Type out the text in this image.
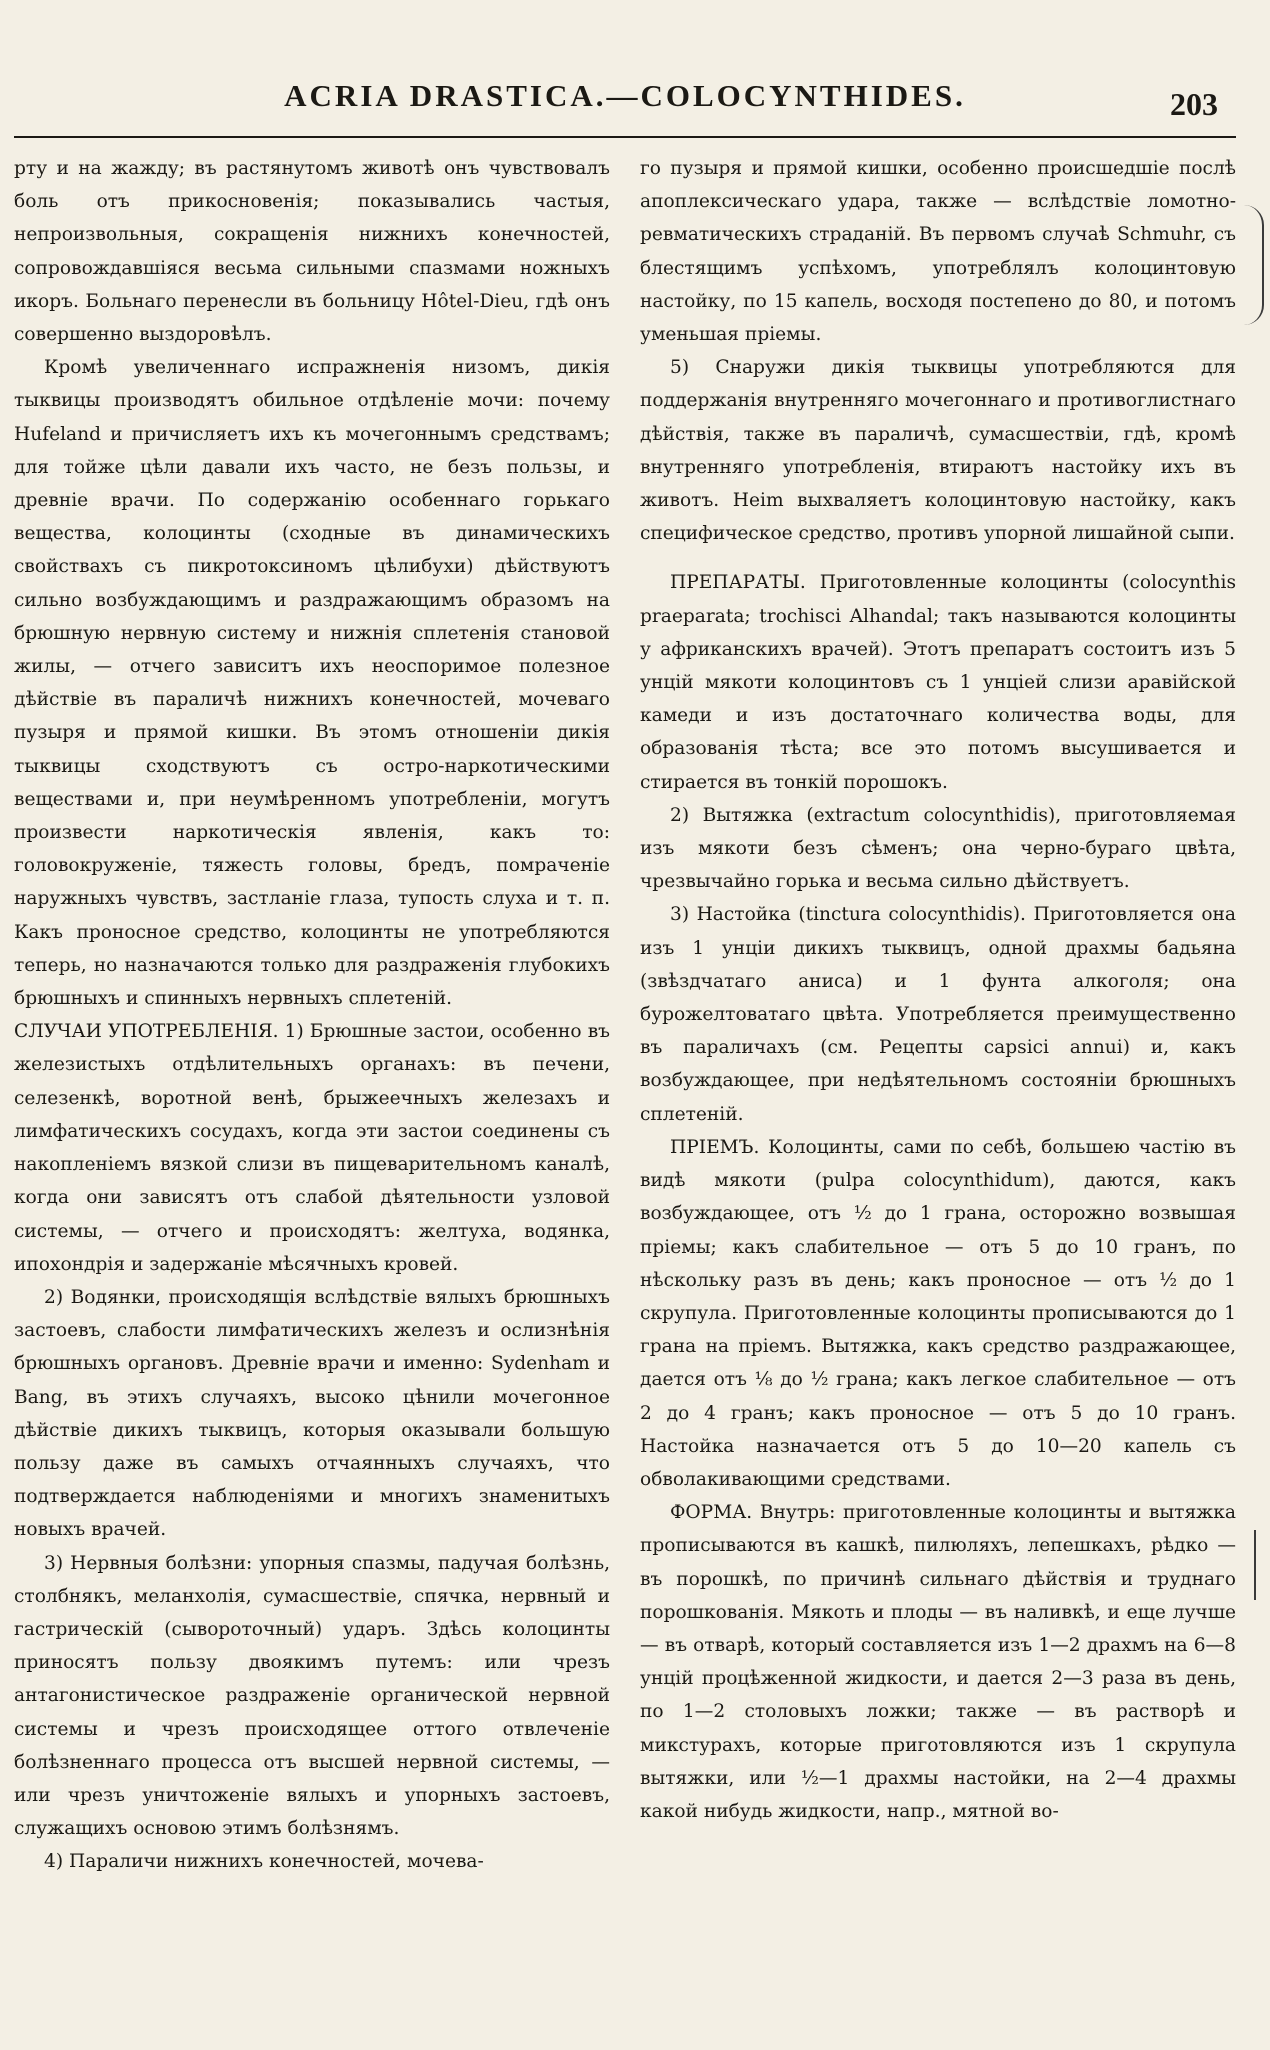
ACRIA DRASTICA.—COLOCYNTHIDES.	203

рту и на жажду; въ растянутомъ животѣ онъ чувствовалъ боль отъ прикосновенія; показывались частыя, непроизвольныя, сокращенія нижнихъ конечностей, сопровождавшіяся весьма сильными спазмами ножныхъ икоръ. Больнаго перенесли въ больницу Hôtel-Dieu, гдѣ онъ совершенно выздоровѣлъ.

Кромѣ увеличеннаго испражненія низомъ, дикія тыквицы производятъ обильное отдѣленіе мочи: почему Hufeland и причисляетъ ихъ къ мочегоннымъ средствамъ; для тойже цѣли давали ихъ часто, не безъ пользы, и древніе врачи. По содержанію особеннаго горькаго вещества, колоцинты (сходные въ динамическихъ свойствахъ съ пикротоксиномъ цѣлибухи) дѣйствуютъ сильно возбуждающимъ и раздражающимъ образомъ на брюшную нервную систему и нижнія сплетенія становой жилы, — отчего зависитъ ихъ неоспоримое полезное дѣйствіе въ параличѣ нижнихъ конечностей, мочеваго пузыря и прямой кишки. Въ этомъ отношеніи дикія тыквицы сходствуютъ съ остро-наркотическими веществами и, при неумѣренномъ употребленіи, могутъ произвести наркотическія явленія, какъ то: головокруженіе, тяжесть головы, бредъ, помраченіе наружныхъ чувствъ, застланіе глаза, тупость слуха и т. п. Какъ проносное средство, колоцинты не употребляются теперь, но назначаются только для раздраженія глубокихъ брюшныхъ и спинныхъ нервныхъ сплетеній.

СЛУЧАИ УПОТРЕБЛЕНІЯ. 1) Брюшные застои, особенно въ железистыхъ отдѣлительныхъ органахъ: въ печени, селезенкѣ, воротной венѣ, брыжеечныхъ железахъ и лимфатическихъ сосудахъ, когда эти застои соединены съ накопленіемъ вязкой слизи въ пищеварительномъ каналѣ, когда они зависятъ отъ слабой дѣятельности узловой системы, — отчего и происходятъ: желтуха, водянка, ипохондрія и задержаніе мѣсячныхъ кровей.

2) Водянки, происходящія вслѣдствіе вялыхъ брюшныхъ застоевъ, слабости лимфатическихъ железъ и ослизнѣнія брюшныхъ органовъ. Древніе врачи и именно: Sydenham и Bang, въ этихъ случаяхъ, высоко цѣнили мочегонное дѣйствіе дикихъ тыквицъ, которыя оказывали большую пользу даже въ самыхъ отчаянныхъ случаяхъ, что подтверждается наблюденіями и многихъ знаменитыхъ новыхъ врачей.

3) Нервныя болѣзни: упорныя спазмы, падучая болѣзнь, столбнякъ, меланхолія, сумасшествіе, спячка, нервный и гастрическій (сывороточный) ударъ. Здѣсь колоцинты приносятъ пользу двоякимъ путемъ: или чрезъ антагонистическое раздраженіе органической нервной системы и чрезъ происходящее оттого отвлеченіе болѣзненнаго процесса отъ высшей нервной системы, — или чрезъ уничтоженіе вялыхъ и упорныхъ застоевъ, служащихъ основою этимъ болѣзнямъ.

4) Параличи нижнихъ конечностей, мочева-

го пузыря и прямой кишки, особенно происшедшіе послѣ апоплексическаго удара, также — вслѣдствіе ломотно-ревматическихъ страданій. Въ первомъ случаѣ Schmuhr, съ блестящимъ успѣхомъ, употреблялъ колоцинтовую настойку, по 15 капель, восходя постепено до 80, и потомъ уменьшая пріемы.

5) Снаружи дикія тыквицы употребляются для поддержанія внутренняго мочегоннаго и противоглистнаго дѣйствія, также въ параличѣ, сумасшествіи, гдѣ, кромѣ внутренняго употребленія, втираютъ настойку ихъ въ животъ. Heim выхваляетъ колоцинтовую настойку, какъ специфическое средство, противъ упорной лишайной сыпи.

ПРЕПАРАТЫ. Приготовленные колоцинты (colocynthis praeparata; trochisci Alhandal; такъ называются колоцинты у африканскихъ врачей). Этотъ препаратъ состоитъ изъ 5 унцій мякоти колоцинтовъ съ 1 унціей слизи аравійской камеди и изъ достаточнаго количества воды, для образованія тѣста; все это потомъ высушивается и стирается въ тонкій порошокъ.

2) Вытяжка (extractum colocynthidis), приготовляемая изъ мякоти безъ сѣменъ; она черно-бураго цвѣта, чрезвычайно горька и весьма сильно дѣйствуетъ.

3) Настойка (tinctura colocynthidis). Приготовляется она изъ 1 унціи дикихъ тыквицъ, одной драхмы бадьяна (звѣздчатаго аниса) и 1 фунта алкоголя; она бурожелтоватаго цвѣта. Употребляется преимущественно въ параличахъ (см. Рецепты capsici annui) и, какъ возбуждающее, при недѣятельномъ состояніи брюшныхъ сплетеній.

ПРІЕМЪ. Колоцинты, сами по себѣ, большею частію въ видѣ мякоти (pulpa colocynthidum), даются, какъ возбуждающее, отъ ½ до 1 грана, осторожно возвышая пріемы; какъ слабительное — отъ 5 до 10 гранъ, по нѣскольку разъ въ день; какъ проносное — отъ ½ до 1 скрупула. Приготовленные колоцинты прописываются до 1 грана на пріемъ. Вытяжка, какъ средство раздражающее, дается отъ ⅛ до ½ грана; какъ легкое слабительное — отъ 2 до 4 гранъ; какъ проносное — отъ 5 до 10 гранъ. Настойка назначается отъ 5 до 10—20 капель съ обволакивающими средствами.

ФОРМА. Внутрь: приготовленные колоцинты и вытяжка прописываются въ кашкѣ, пилюляхъ, лепешкахъ, рѣдко — въ порошкѣ, по причинѣ сильнаго дѣйствія и труднаго порошкованія. Мякоть и плоды — въ наливкѣ, и еще лучше — въ отварѣ, который составляется изъ 1—2 драхмъ на 6—8 унцій процѣженной жидкости, и дается 2—3 раза въ день, по 1—2 столовыхъ ложки; также — въ растворѣ и микстурахъ, которые приготовляются изъ 1 скрупула вытяжки, или ½—1 драхмы настойки, на 2—4 драхмы какой нибудь жидкости, напр., мятной во-
